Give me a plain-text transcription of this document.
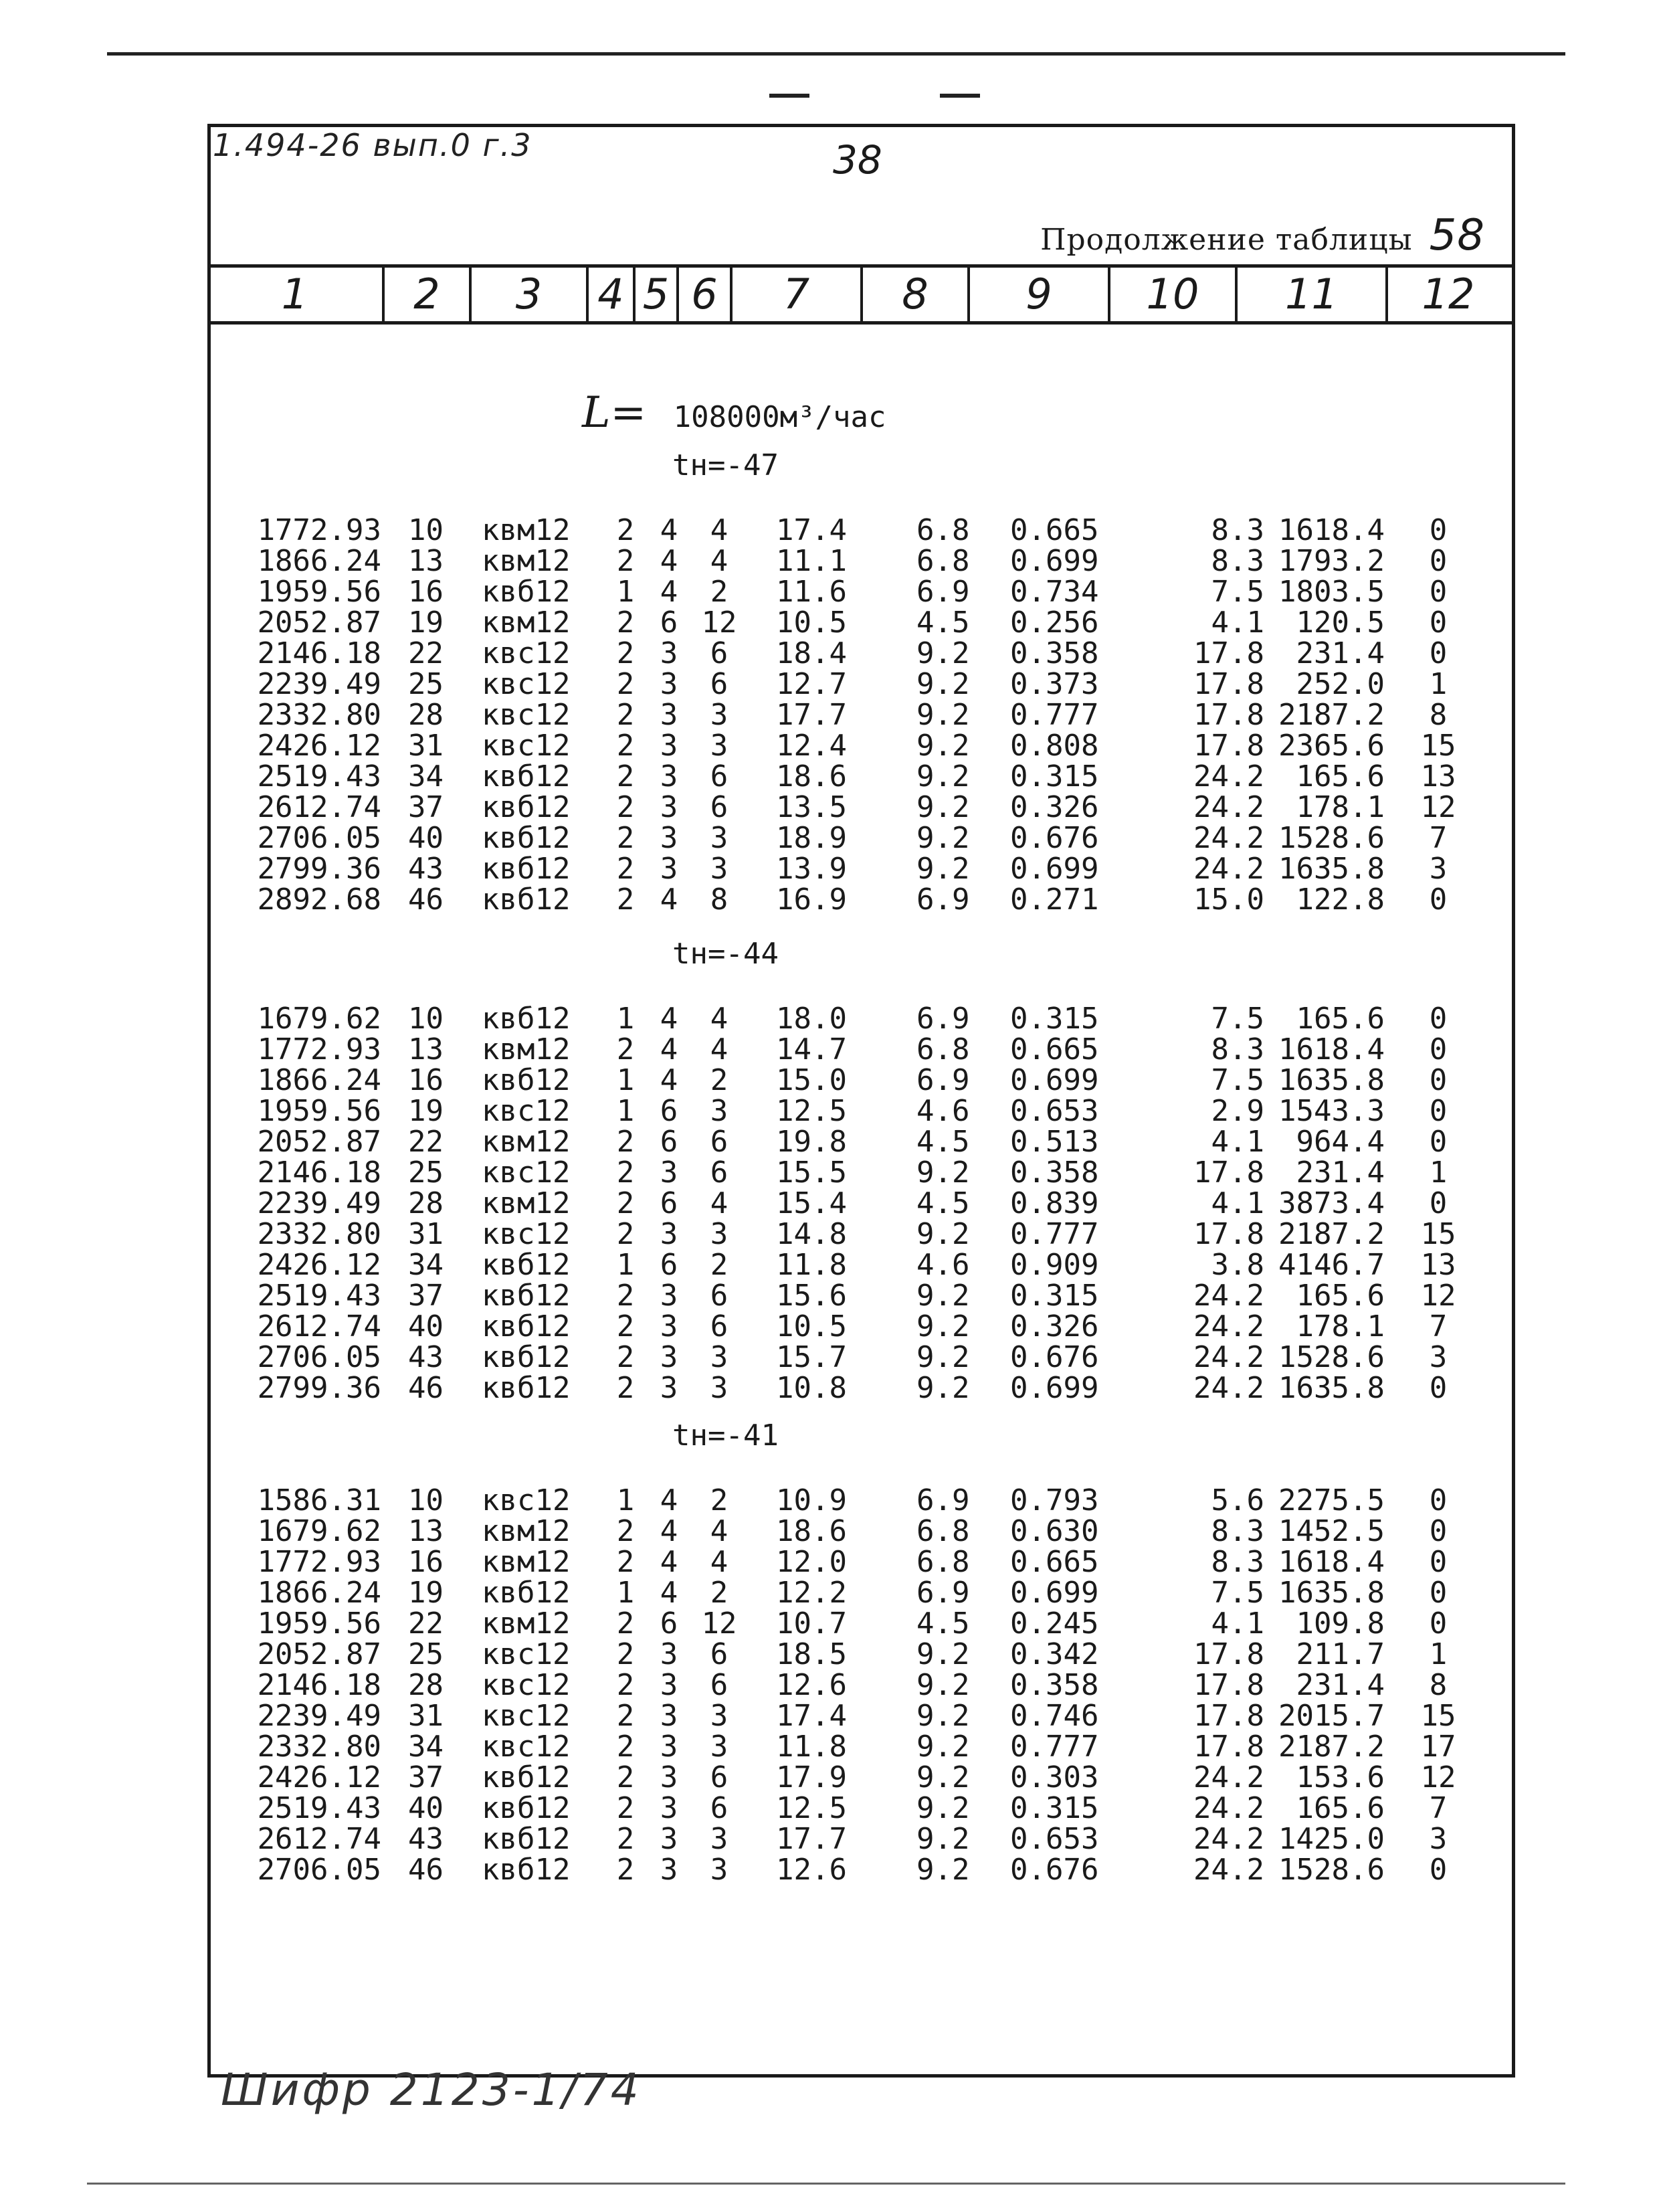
1.494-26 вып.0 г.3	38
Продолжение таблицы 58
1	2	3	4 5 6	7	8	9	10	11	12
L= 108000м³/час
tн=-47
1772.93 10	квм12	2 4	4	17.4	6.8	0.665	8.3 1618.4	0
1866.24 13	квм12	2 4	4	11.1	6.8	0.699	8.3 1793.2	0
1959.56 16	квб12	1 4	2	11.6	6.9	0.734	7.5 1803.5	0
2052.87 19	квм12	2 6 12	10.5	4.5	0.256	4.1	120.5	0
2146.18 22	квс12	2 3	6	18.4	9.2	0.358	17.8	231.4	0
2239.49 25	квс12	2 3	6	12.7	9.2	0.373	17.8	252.0	1
2332.80 28	квс12	2 3	3	17.7	9.2	0.777	17.8 2187.2	8
2426.12 31	квс12	2 3	3	12.4	9.2	0.808	17.8 2365.6	15
2519.43 34	квб12	2 3	6	18.6	9.2	0.315	24.2	165.6	13
2612.74 37	квб12	2 3	6	13.5	9.2	0.326	24.2	178.1	12
2706.05 40	квб12	2 3	3	18.9	9.2	0.676	24.2 1528.6	7
2799.36 43	квб12	2 3	3	13.9	9.2	0.699	24.2 1635.8	3
2892.68 46	квб12	2 4	8	16.9	6.9	0.271	15.0	122.8	0
tн=-44
1679.62 10	квб12	1 4	4	18.0	6.9	0.315	7.5	165.6	0
1772.93 13	квм12	2 4	4	14.7	6.8	0.665	8.3 1618.4	0
1866.24 16	квб12	1 4	2	15.0	6.9	0.699	7.5 1635.8	0
1959.56 19	квс12	1 6	3	12.5	4.6	0.653	2.9 1543.3	0
2052.87 22	квм12	2 6	6	19.8	4.5	0.513	4.1	964.4	0
2146.18 25	квс12	2 3	6	15.5	9.2	0.358	17.8	231.4	1
2239.49 28	квм12	2 6	4	15.4	4.5	0.839	4.1 3873.4	0
2332.80 31	квс12	2 3	3	14.8	9.2	0.777	17.8 2187.2	15
2426.12 34	квб12	1 6	2	11.8	4.6	0.909	3.8 4146.7	13
2519.43 37	квб12	2 3	6	15.6	9.2	0.315	24.2	165.6	12
2612.74 40	квб12	2 3	6	10.5	9.2	0.326	24.2	178.1	7
2706.05 43	квб12	2 3	3	15.7	9.2	0.676	24.2 1528.6	3
2799.36 46	квб12	2 3	3	10.8	9.2	0.699	24.2 1635.8	0
tн=-41
1586.31 10	квс12	1 4	2	10.9	6.9	0.793	5.6 2275.5	0
1679.62 13	квм12	2 4	4	18.6	6.8	0.630	8.3 1452.5	0
1772.93 16	квм12	2 4	4	12.0	6.8	0.665	8.3 1618.4	0
1866.24 19	квб12	1 4	2	12.2	6.9	0.699	7.5 1635.8	0
1959.56 22	квм12	2 6 12	10.7	4.5	0.245	4.1	109.8	0
2052.87 25	квс12	2 3	6	18.5	9.2	0.342	17.8	211.7	1
2146.18 28	квс12	2 3	6	12.6	9.2	0.358	17.8	231.4	8
2239.49 31	квс12	2 3	3	17.4	9.2	0.746	17.8 2015.7	15
2332.80 34	квс12	2 3	3	11.8	9.2	0.777	17.8 2187.2	17
2426.12 37	квб12	2 3	6	17.9	9.2	0.303	24.2	153.6	12
2519.43 40	квб12	2 3	6	12.5	9.2	0.315	24.2	165.6	7
2612.74 43	квб12	2 3	3	17.7	9.2	0.653	24.2 1425.0	3
2706.05 46	квб12	2 3	3	12.6	9.2	0.676	24.2 1528.6	0
Шифр 2123-1/74
